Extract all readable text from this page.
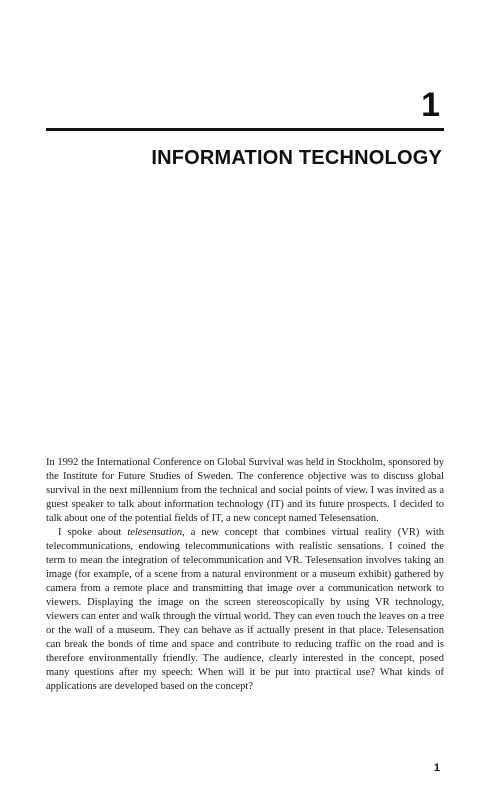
1
INFORMATION TECHNOLOGY

In 1992 the International Conference on Global Survival was held in Stockholm, sponsored by the Institute for Future Studies of Sweden. The conference objective was to discuss global survival in the next millennium from the technical and social points of view. I was invited as a guest speaker to talk about information technology (IT) and its future prospects. I decided to talk about one of the potential fields of IT, a new concept named Telesensation.

I spoke about telesensation, a new concept that combines virtual reality (VR) with telecommunications, endowing telecommunications with realistic sensations. I coined the term to mean the integration of telecommunication and VR. Telesensation involves taking an image (for example, of a scene from a natural environment or a museum exhibit) gathered by camera from a remote place and transmitting that image over a communication network to viewers. Displaying the image on the screen stereoscopically by using VR technology, viewers can enter and walk through the virtual world. They can even touch the leaves on a tree or the wall of a museum. They can behave as if actually present in that place. Telesensation can break the bonds of time and space and contribute to reducing traffic on the road and is therefore environmentally friendly. The audience, clearly interested in the concept, posed many questions after my speech: When will it be put into practical use? What kinds of applications are developed based on the concept?

1
